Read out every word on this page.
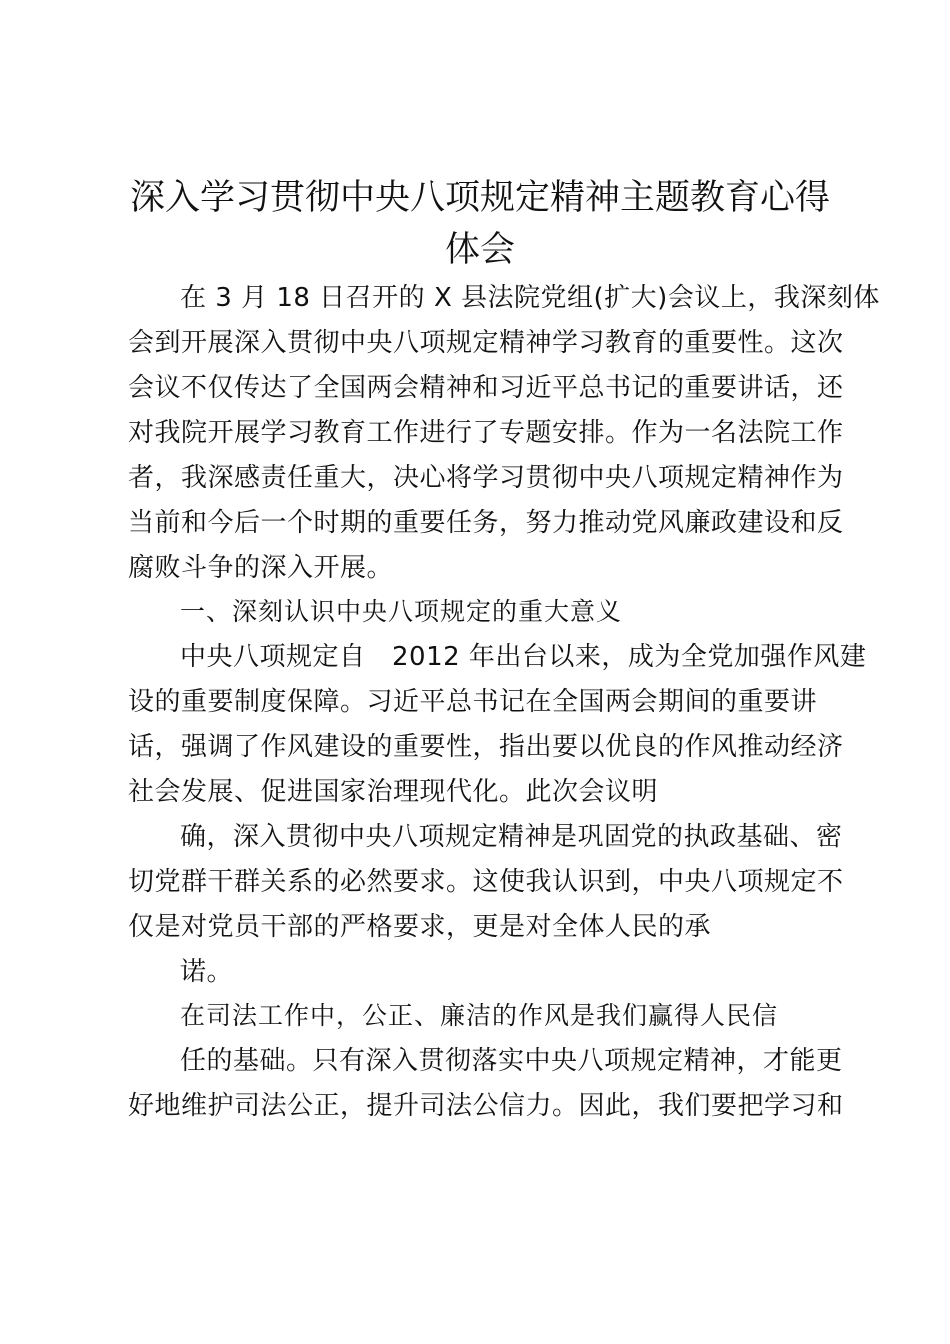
深入学习贯彻中央八项规定精神主题教育心得
体会
在 3 月 18 日召开的 X 县法院党组(扩大)会议上，我深刻体
会到开展深入贯彻中央八项规定精神学习教育的重要性。这次
会议不仅传达了全国两会精神和习近平总书记的重要讲话，还
对我院开展学习教育工作进行了专题安排。作为一名法院工作
者，我深感责任重大，决心将学习贯彻中央八项规定精神作为
当前和今后一个时期的重要任务，努力推动党风廉政建设和反
腐败斗争的深入开展。
一、深刻认识中央八项规定的重大意义
中央八项规定自　2012 年出台以来，成为全党加强作风建
设的重要制度保障。习近平总书记在全国两会期间的重要讲
话，强调了作风建设的重要性，指出要以优良的作风推动经济
社会发展、促进国家治理现代化。此次会议明
确，深入贯彻中央八项规定精神是巩固党的执政基础、密
切党群干群关系的必然要求。这使我认识到，中央八项规定不
仅是对党员干部的严格要求，更是对全体人民的承
诺。
在司法工作中，公正、廉洁的作风是我们赢得人民信
任的基础。只有深入贯彻落实中央八项规定精神，才能更
好地维护司法公正，提升司法公信力。因此，我们要把学习和
